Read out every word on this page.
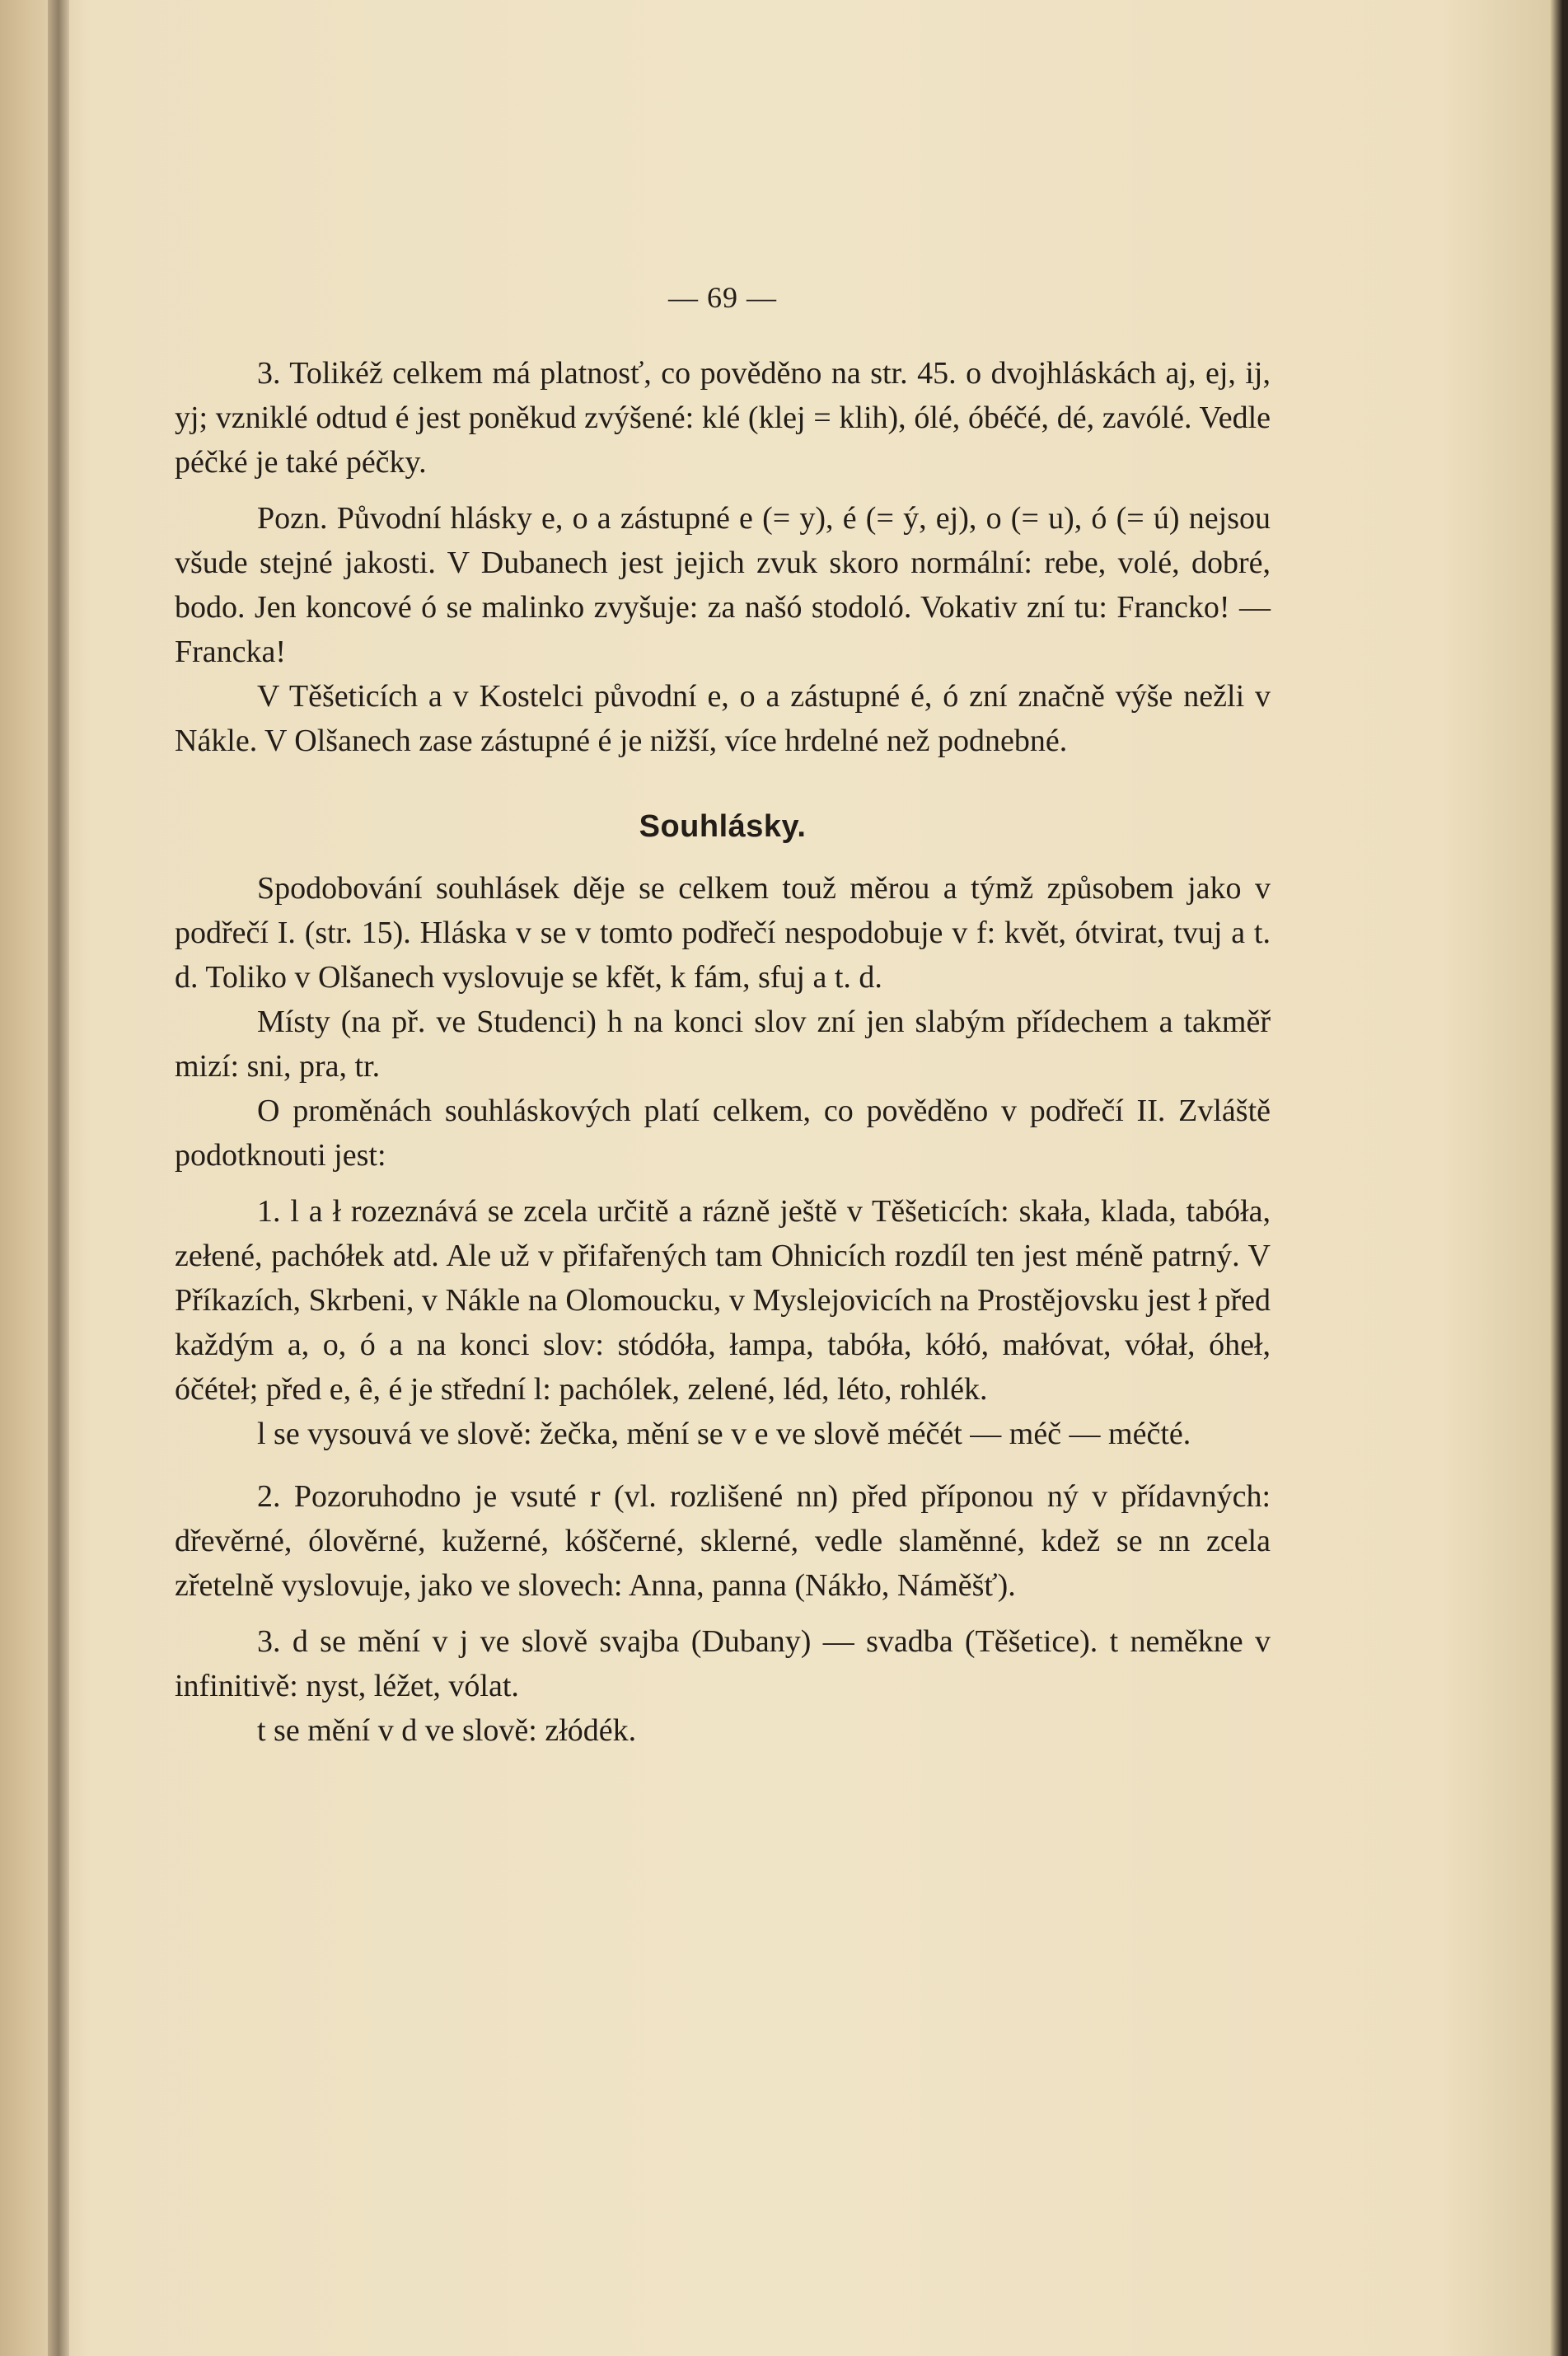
— 69 —

3. Tolikéž celkem má platnosť, co pověděno na str. 45. o dvojhláskách aj, ej, ij, yj; vzniklé odtud é jest poněkud zvýšené: klé (klej = klih), ólé, óbéčé, dé, zavólé. Vedle péčké je také péčky.

Pozn. Původní hlásky e, o a zástupné e (= y), é (= ý, ej), o (= u), ó (= ú) nejsou všude stejné jakosti. V Dubanech jest jejich zvuk skoro normální: rebe, volé, dobré, bodo. Jen koncové ó se malinko zvyšuje: za našó stodoló. Vokativ zní tu: Francko! — Francka!

V Těšeticích a v Kostelci původní e, o a zástupné é, ó zní značně výše nežli v Nákle. V Olšanech zase zástupné é je nižší, více hrdelné než podnebné.

Souhlásky.

Spodobování souhlásek děje se celkem touž měrou a týmž způsobem jako v podřečí I. (str. 15). Hláska v se v tomto podřečí nespodobuje v f: květ, ótvirat, tvuj a t. d. Toliko v Olšanech vyslovuje se kfět, k fám, sfuj a t. d.

Místy (na př. ve Studenci) h na konci slov zní jen slabým přídechem a takměř mizí: sni, pra, tr.

O proměnách souhláskových platí celkem, co pověděno v podřečí II. Zvláště podotknouti jest:

1. l a ł rozeznává se zcela určitě a rázně ještě v Těšeticích: skała, klada, tabóła, zełené, pachółek atd. Ale už v přifařených tam Ohnicích rozdíl ten jest méně patrný. V Příkazích, Skrbeni, v Nákle na Olomoucku, v Myslejovicích na Prostějovsku jest ł před každým a, o, ó a na konci slov: stódóła, łampa, tabóła, kółó, małóvat, vółał, óheł, óčéteł; před e, ê, é je střední l: pachólek, zelené, léd, léto, rohlék.

l se vysouvá ve slově: žečka, mění se v e ve slově méčét — méč — méčté.

2. Pozoruhodno je vsuté r (vl. rozlišené nn) před příponou ný v přídavných: dřevěrné, ólověrné, kužerné, kóščerné, sklerné, vedle slaměnné, kdež se nn zcela zřetelně vyslovuje, jako ve slovech: Anna, panna (Nákło, Náměšť).

3. d se mění v j ve slově svajba (Dubany) — svadba (Těšetice). t neměkne v infinitivě: nyst, léžet, vólat.

t se mění v d ve slově: złódék.
